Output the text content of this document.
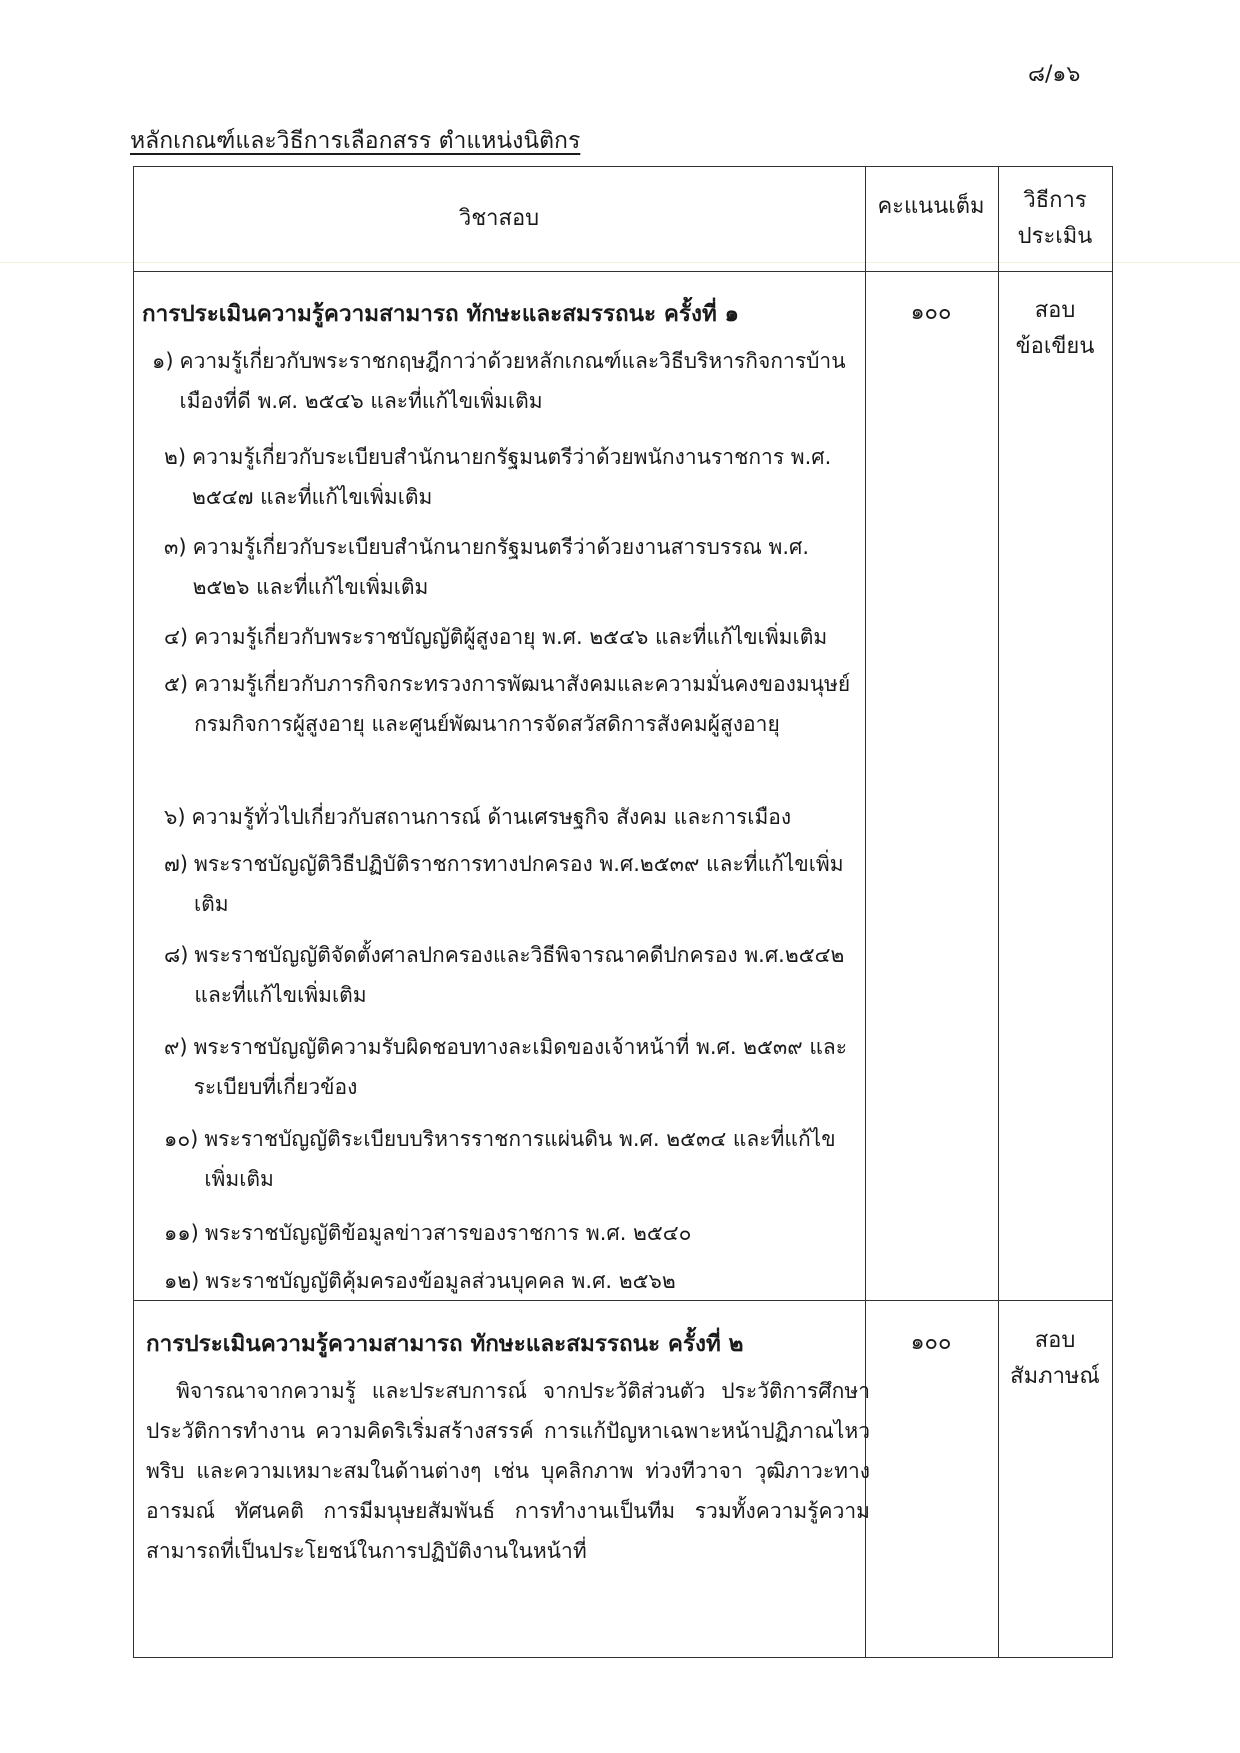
๘/๑๖
หลักเกณฑ์และวิธีการเลือกสรร ตำแหน่งนิติกร
วิชาสอบ	คะแนนเต็ม	วิธีการ
ประเมิน
การประเมินความรู้ความสามารถ ทักษะและสมรรถนะ ครั้งที่ ๑	๑๐๐	สอบ
ข้อเขียน
๑) ความรู้เกี่ยวกับพระราชกฤษฎีกาว่าด้วยหลักเกณฑ์และวิธีบริหารกิจการบ้านเมืองที่ดี พ.ศ. ๒๕๔๖ และที่แก้ไขเพิ่มเติม
๒) ความรู้เกี่ยวกับระเบียบสำนักนายกรัฐมนตรีว่าด้วยพนักงานราชการ พ.ศ. ๒๕๔๗ และที่แก้ไขเพิ่มเติม
๓) ความรู้เกี่ยวกับระเบียบสำนักนายกรัฐมนตรีว่าด้วยงานสารบรรณ พ.ศ. ๒๕๒๖ และที่แก้ไขเพิ่มเติม
๔) ความรู้เกี่ยวกับพระราชบัญญัติผู้สูงอายุ พ.ศ. ๒๕๔๖ และที่แก้ไขเพิ่มเติม
๕) ความรู้เกี่ยวกับภารกิจกระทรวงการพัฒนาสังคมและความมั่นคงของมนุษย์ กรมกิจการผู้สูงอายุ และศูนย์พัฒนาการจัดสวัสดิการสังคมผู้สูงอายุ
๖) ความรู้ทั่วไปเกี่ยวกับสถานการณ์ ด้านเศรษฐกิจ สังคม และการเมือง
๗) พระราชบัญญัติวิธีปฏิบัติราชการทางปกครอง พ.ศ.๒๕๓๙ และที่แก้ไขเพิ่มเติม
๘) พระราชบัญญัติจัดตั้งศาลปกครองและวิธีพิจารณาคดีปกครอง พ.ศ.๒๕๔๒ และที่แก้ไขเพิ่มเติม
๙) พระราชบัญญัติความรับผิดชอบทางละเมิดของเจ้าหน้าที่ พ.ศ. ๒๕๓๙ และระเบียบที่เกี่ยวข้อง
๑๐) พระราชบัญญัติระเบียบบริหารราชการแผ่นดิน พ.ศ. ๒๕๓๔ และที่แก้ไขเพิ่มเติม
๑๑) พระราชบัญญัติข้อมูลข่าวสารของราชการ พ.ศ. ๒๕๔๐
๑๒) พระราชบัญญัติคุ้มครองข้อมูลส่วนบุคคล พ.ศ. ๒๕๖๒
การประเมินความรู้ความสามารถ ทักษะและสมรรถนะ ครั้งที่ ๒	๑๐๐	สอบ
สัมภาษณ์
พิจารณาจากความรู้ และประสบการณ์ จากประวัติส่วนตัว ประวัติการศึกษา ประวัติการทำงาน ความคิดริเริ่มสร้างสรรค์ การแก้ปัญหาเฉพาะหน้าปฏิภาณไหวพริบ และความเหมาะสมในด้านต่างๆ เช่น บุคลิกภาพ ท่วงทีวาจา วุฒิภาวะทางอารมณ์ ทัศนคติ การมีมนุษยสัมพันธ์ การทำงานเป็นทีม รวมทั้งความรู้ความสามารถที่เป็นประโยชน์ในการปฏิบัติงานในหน้าที่
